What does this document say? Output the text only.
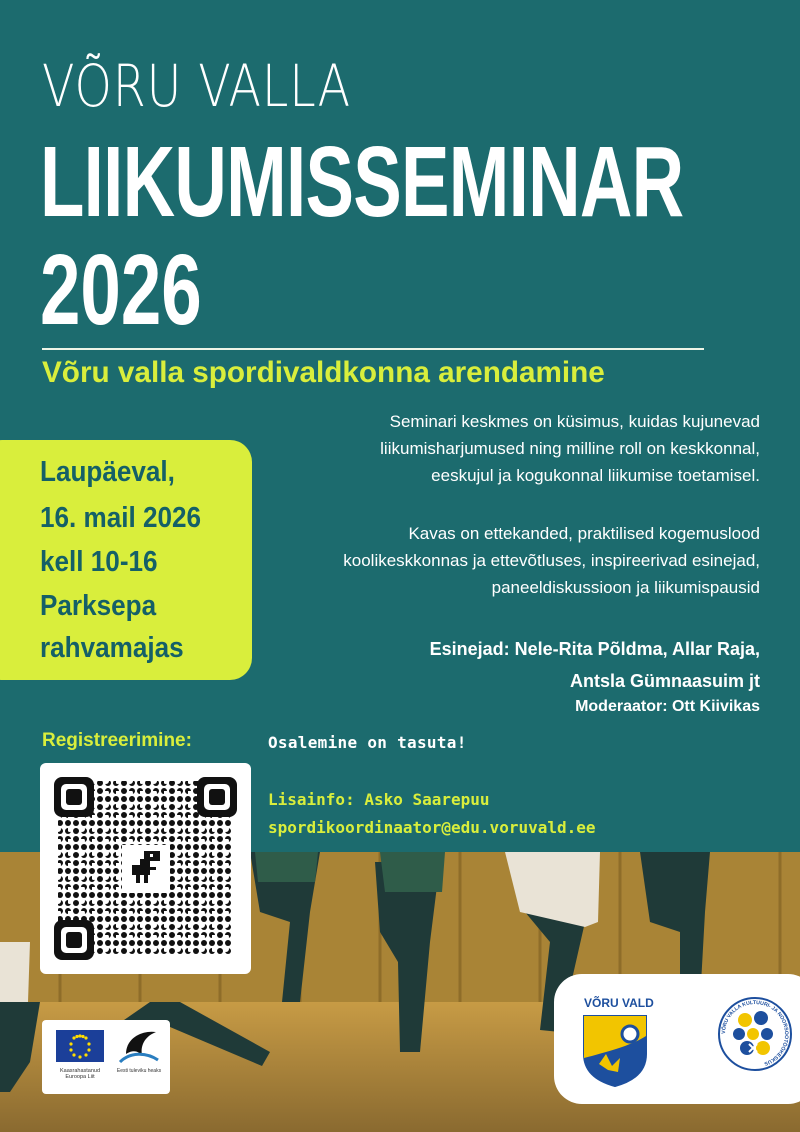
VÕRU VALLA
LIIKUMISSEMINAR
2026
Võru valla spordivaldkonna arendamine
Laupäeval,
16. mail 2026
kell 10-16
Parksepa
rahvamajas

Seminari keskmes on küsimus, kuidas kujunevad

liikumisharjumused ning milline roll on keskkonnal,

eeskujul ja kogukonnal liikumise toetamisel.

Kavas on ettekanded, praktilised kogemuslood

koolikeskkonnas ja ettevõtluses, inspireerivad esinejad,

paneeldiskussioon ja liikumispausid

Esinejad: Nele-Rita Põldma, Allar Raja,
Antsla Gümnaasuim jt
Moderaator: Ott Kiivikas
Registreerimine:	Osalemine on tasuta!
Lisainfo: Asko Saarepuu
spordikoordinaator@edu.voruvald.ee
Kaasrahastanud Euroopa Liit
Eesti tuleviku heaks
VÕRU VALD
VÕRU VALLA KULTUURI- JA NOORSOOTÖÖKESKUS
